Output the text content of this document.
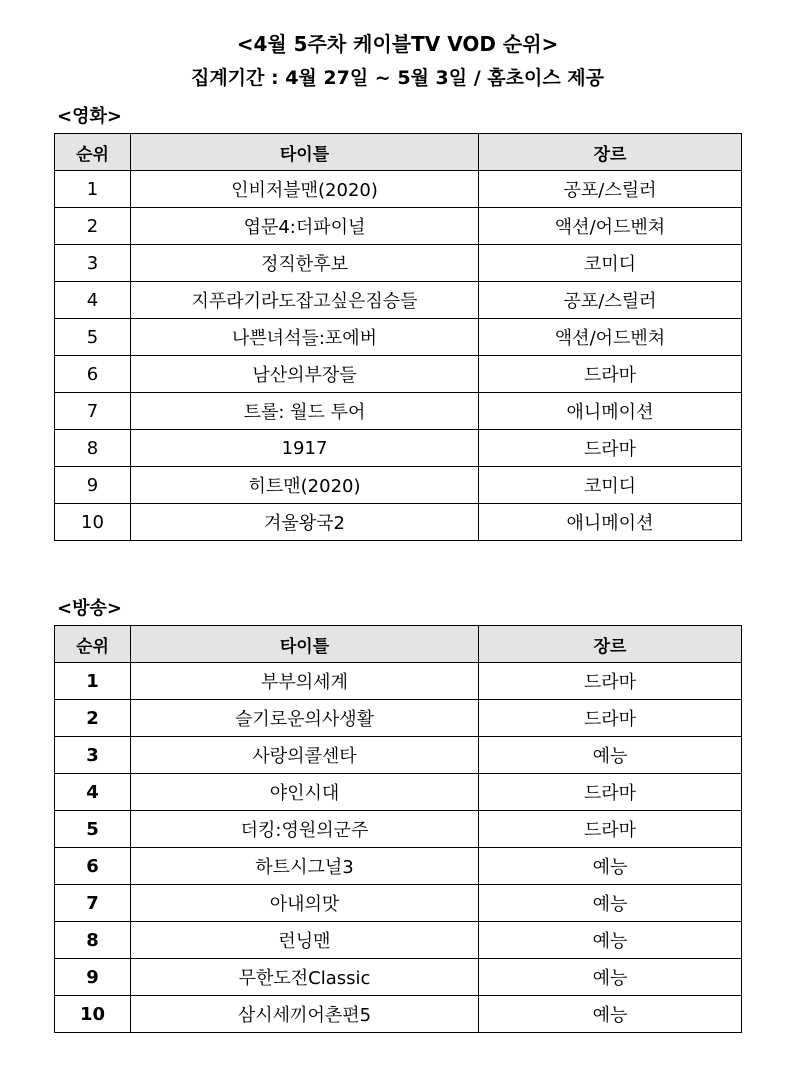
<4월 5주차 케이블TV VOD 순위>
집계기간 : 4월 27일 ~ 5월 3일 / 홈초이스 제공
<영화>
순위	타이틀	장르
1	인비저블맨(2020)	공포/스릴러
2	엽문4:더파이널	액션/어드벤쳐
3	정직한후보	코미디
4	지푸라기라도잡고싶은짐승들	공포/스릴러
5	나쁜녀석들:포에버	액션/어드벤쳐
6	남산의부장들	드라마
7	트롤: 월드 투어	애니메이션
8	1917	드라마
9	히트맨(2020)	코미디
10	겨울왕국2	애니메이션
<방송>
순위	타이틀	장르
1	부부의세계	드라마
2	슬기로운의사생활	드라마
3	사랑의콜센타	예능
4	야인시대	드라마
5	더킹:영원의군주	드라마
6	하트시그널3	예능
7	아내의맛	예능
8	런닝맨	예능
9	무한도전Classic	예능
10	삼시세끼어촌편5	예능
